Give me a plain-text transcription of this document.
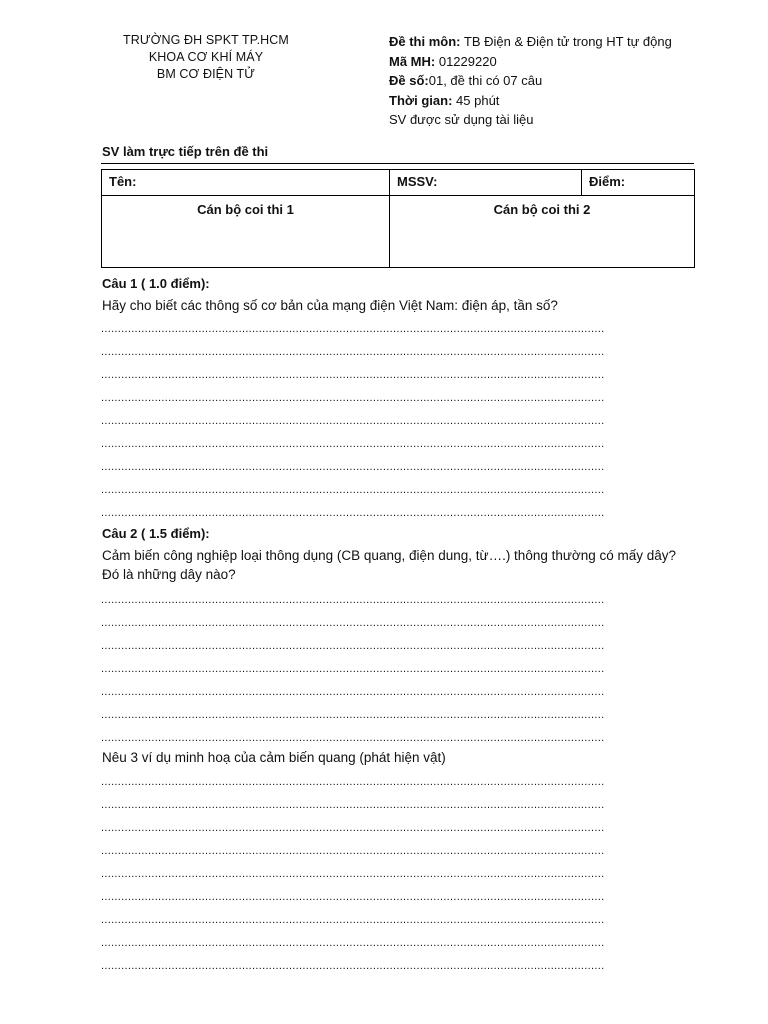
TRƯỜNG ĐH SPKT TP.HCM
KHOA CƠ KHÍ MÁY
BM CƠ ĐIỆN TỬ
Đề thi môn: TB Điện & Điện tử trong HT tự động
Mã MH: 01229220
Đề số:01, đề thi có 07 câu
Thời gian: 45 phút
SV được sử dụng tài liệu
SV làm trực tiếp trên đề thi
Tên:	MSSV:	Điểm:
Cán bộ coi thi 1	Cán bộ coi thi 2	
Câu 1 ( 1.0 điểm):
Hãy cho biết các thông số cơ bản của mạng điện Việt Nam: điện áp, tần số?
......................................................................................................................................................
......................................................................................................................................................
......................................................................................................................................................
......................................................................................................................................................
......................................................................................................................................................
......................................................................................................................................................
......................................................................................................................................................
......................................................................................................................................................
......................................................................................................................................................
Câu 2 ( 1.5 điểm):
Cảm biến công nghiệp loại thông dụng (CB quang, điện dung, từ….) thông thường có mấy dây?
Đó là những dây nào?
......................................................................................................................................................
......................................................................................................................................................
......................................................................................................................................................
......................................................................................................................................................
......................................................................................................................................................
......................................................................................................................................................
......................................................................................................................................................
Nêu 3 ví dụ minh hoạ của cảm biến quang (phát hiện vật)
......................................................................................................................................................
......................................................................................................................................................
......................................................................................................................................................
......................................................................................................................................................
......................................................................................................................................................
......................................................................................................................................................
......................................................................................................................................................
......................................................................................................................................................
......................................................................................................................................................
